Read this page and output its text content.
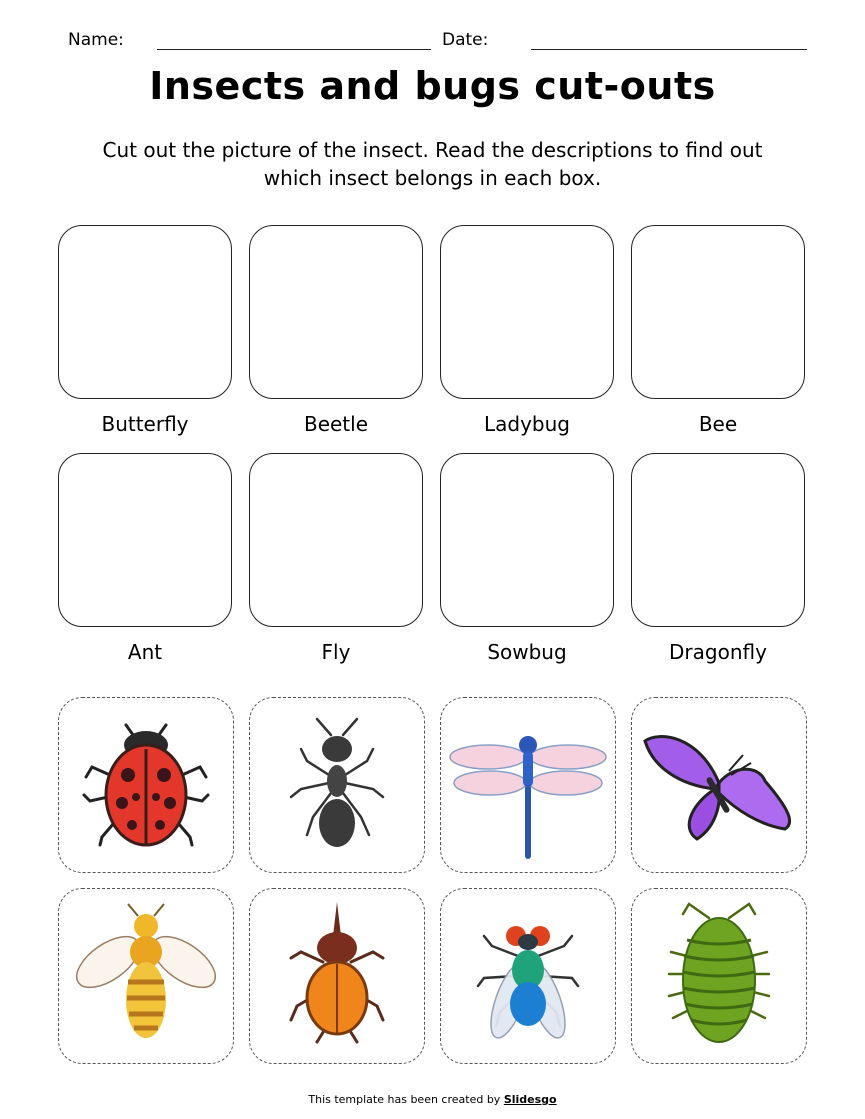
Name:	Date:
Insects and bugs cut-outs
Cut out the picture of the insect. Read the descriptions to find out
which insect belongs in each box.
Butterfly	Beetle	Ladybug	Bee
Ant	Fly	Sowbug	Dragonfly
This template has been created by Slidesgo
